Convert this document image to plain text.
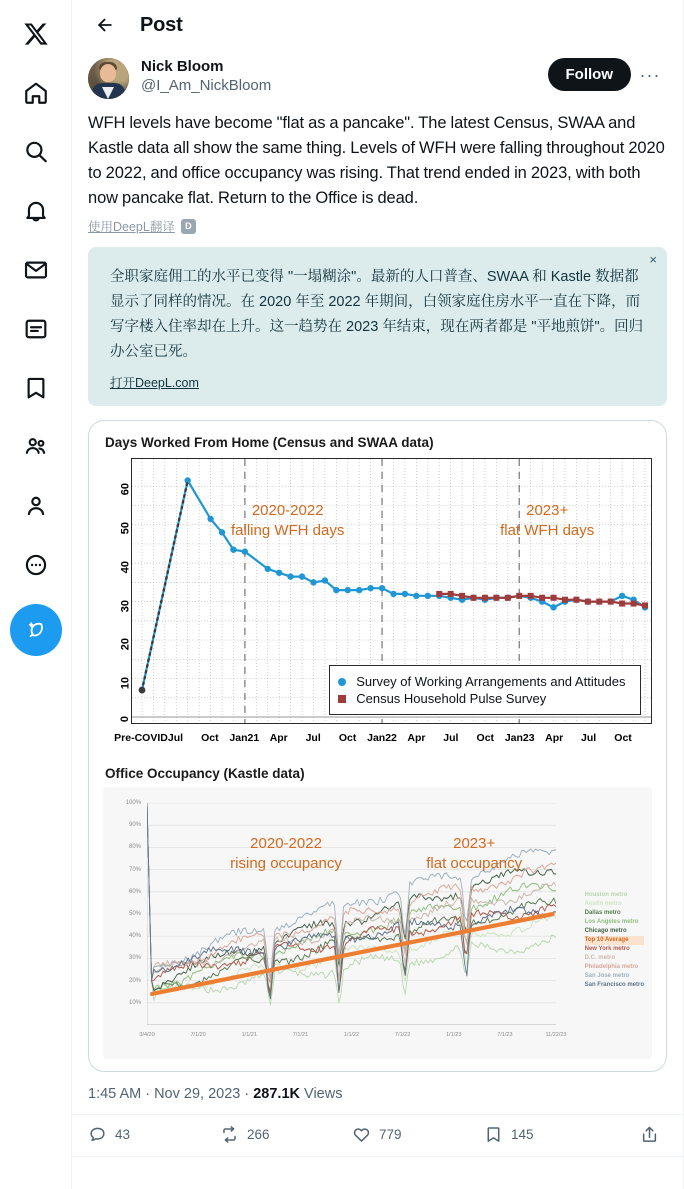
Post
Nick Bloom
@I_Am_NickBloom
Follow	···
WFH levels have become "flat as a pancake". The latest Census, SWAA and Kastle data all show the same thing. Levels of WFH were falling throughout 2020 to 2022, and office occupancy was rising. That trend ended in 2023, with both now pancake flat. Return to the Office is dead.
使用DeepL翻译	D
×
全职家庭佣工的水平已变得 "一塌糊涂"。最新的人口普查、SWAA 和 Kastle 数据都显示了同样的情况。在 2020 年至 2022 年期间，白领家庭住房水平一直在下降，而写字楼入住率却在上升。这一趋势在 2023 年结束，现在两者都是 "平地煎饼"。回归办公室已死。
打开DeepL.com
Days Worked From Home (Census and SWAA data)
0
10
20
30
40
50
60
2020-2022
falling WFH days
2023+
flat WFH days
Survey of Working Arrangements and Attitudes
Census Household Pulse Survey
Pre-COVID Jul Oct Jan21 Apr Jul Oct Jan22 Apr Jul Oct Jan23 Apr Jul Oct
Office Occupancy (Kastle data)
2020-2022
rising occupancy
2023+
flat occupancy
100%
90%
80%
70%
60%
50%
40%
30%
20%
10%
3/4/20	7/1/20	1/1/21	7/1/21	1/1/22	7/1/22	1/1/23	7/1/23	11/22/23
Houston metro
Austin metro
Dallas metro
Los Angeles metro
Chicago metro
Top 10 Average
New York metro
D.C. metro
Philadelphia metro
San Jose metro
San Francisco metro
1:45 AM · Nov 29, 2023 · 287.1K Views
43	266	779	145
